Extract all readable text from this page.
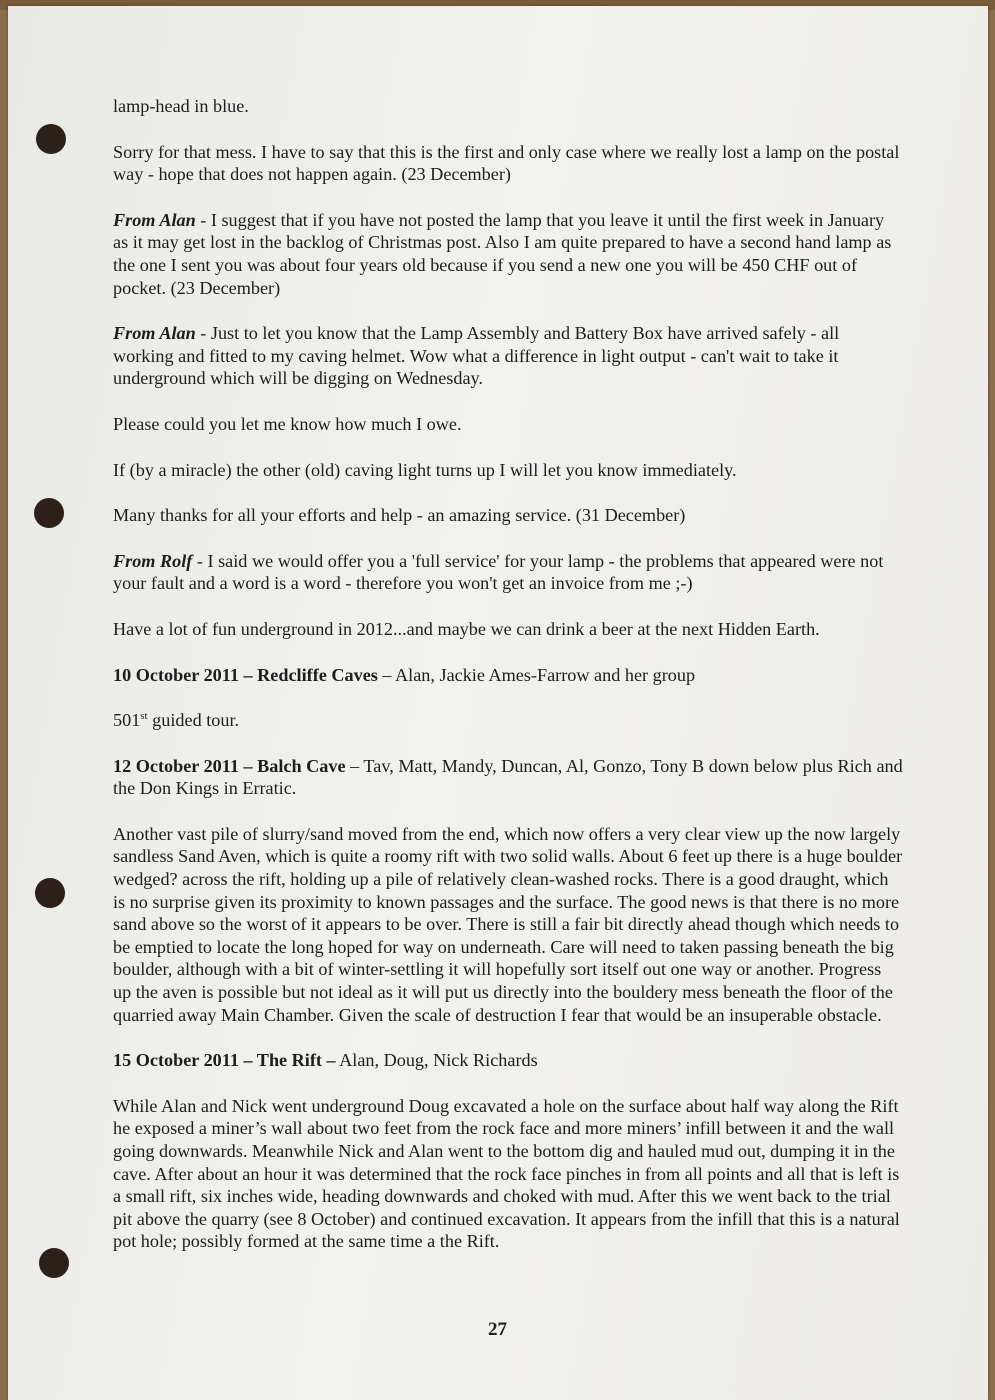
lamp-head in blue.

Sorry for that mess. I have to say that this is the first and only case where we really lost a lamp on the postal way - hope that does not happen again. (23 December)

From Alan - I suggest that if you have not posted the lamp that you leave it until the first week in January as it may get lost in the backlog of Christmas post. Also I am quite prepared to have a second hand lamp as the one I sent you was about four years old because if you send a new one you will be 450 CHF out of pocket. (23 December)

From Alan - Just to let you know that the Lamp Assembly and Battery Box have arrived safely - all working and fitted to my caving helmet. Wow what a difference in light output - can't wait to take it underground which will be digging on Wednesday.

Please could you let me know how much I owe.

If (by a miracle) the other (old) caving light turns up I will let you know immediately.

Many thanks for all your efforts and help - an amazing service. (31 December)

From Rolf - I said we would offer you a 'full service' for your lamp - the problems that appeared were not your fault and a word is a word - therefore you won't get an invoice from me ;-)

Have a lot of fun underground in 2012...and maybe we can drink a beer at the next Hidden Earth.

10 October 2011 – Redcliffe Caves – Alan, Jackie Ames-Farrow and her group

501st guided tour.

12 October 2011 – Balch Cave – Tav, Matt, Mandy, Duncan, Al, Gonzo, Tony B down below plus Rich and the Don Kings in Erratic.

Another vast pile of slurry/sand moved from the end, which now offers a very clear view up the now largely sandless Sand Aven, which is quite a roomy rift with two solid walls. About 6 feet up there is a huge boulder wedged? across the rift, holding up a pile of relatively clean-washed rocks. There is a good draught, which is no surprise given its proximity to known passages and the surface. The good news is that there is no more sand above so the worst of it appears to be over. There is still a fair bit directly ahead though which needs to be emptied to locate the long hoped for way on underneath. Care will need to taken passing beneath the big boulder, although with a bit of winter-settling it will hopefully sort itself out one way or another. Progress up the aven is possible but not ideal as it will put us directly into the bouldery mess beneath the floor of the quarried away Main Chamber. Given the scale of destruction I fear that would be an insuperable obstacle.

15 October 2011 – The Rift – Alan, Doug, Nick Richards

While Alan and Nick went underground Doug excavated a hole on the surface about half way along the Rift he exposed a miner’s wall about two feet from the rock face and more miners’ infill between it and the wall going downwards. Meanwhile Nick and Alan went to the bottom dig and hauled mud out, dumping it in the cave. After about an hour it was determined that the rock face pinches in from all points and all that is left is a small rift, six inches wide, heading downwards and choked with mud. After this we went back to the trial pit above the quarry (see 8 October) and continued excavation. It appears from the infill that this is a natural pot hole; possibly formed at the same time a the Rift.

27
